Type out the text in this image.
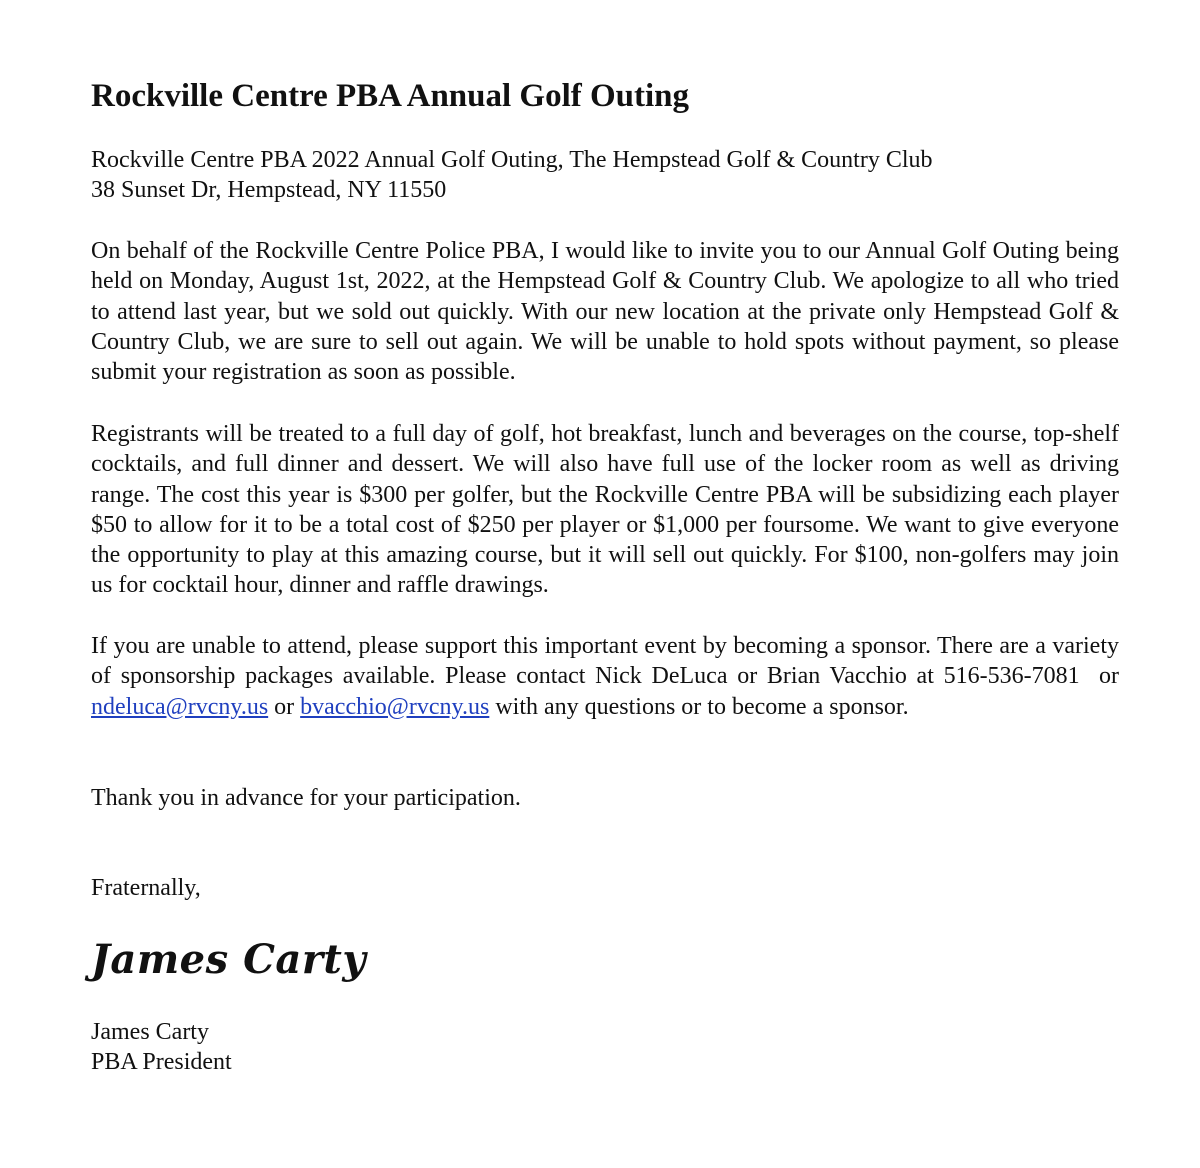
Rockville Centre PBA Annual Golf Outing
Rockville Centre PBA 2022 Annual Golf Outing, The Hempstead Golf & Country Club
38 Sunset Dr, Hempstead, NY 11550

On behalf of the Rockville Centre Police PBA, I would like to invite you to our Annual Golf Outing being held on Monday, August 1st, 2022, at the Hempstead Golf & Country Club. We apologize to all who tried to attend last year, but we sold out quickly. With our new location at the private only Hempstead Golf & Country Club, we are sure to sell out again. We will be unable to hold spots without payment, so please submit your registration as soon as possible.

Registrants will be treated to a full day of golf, hot breakfast, lunch and beverages on the course, top-shelf cocktails, and full dinner and dessert. We will also have full use of the locker room as well as driving range. The cost this year is $300 per golfer, but the Rockville Centre PBA will be subsidizing each player $50 to allow for it to be a total cost of $250 per player or $1,000 per foursome. We want to give everyone the opportunity to play at this amazing course, but it will sell out quickly. For $100, non-golfers may join us for cocktail hour, dinner and raffle drawings.

If you are unable to attend, please support this important event by becoming a sponsor. There are a variety of sponsorship packages available. Please contact Nick DeLuca or Brian Vacchio at 516-536-7081 or ndeluca@rvcny.us or bvacchio@rvcny.us with any questions or to become a sponsor.

Thank you in advance for your participation.

Fraternally,

James Carty
James Carty
PBA President
